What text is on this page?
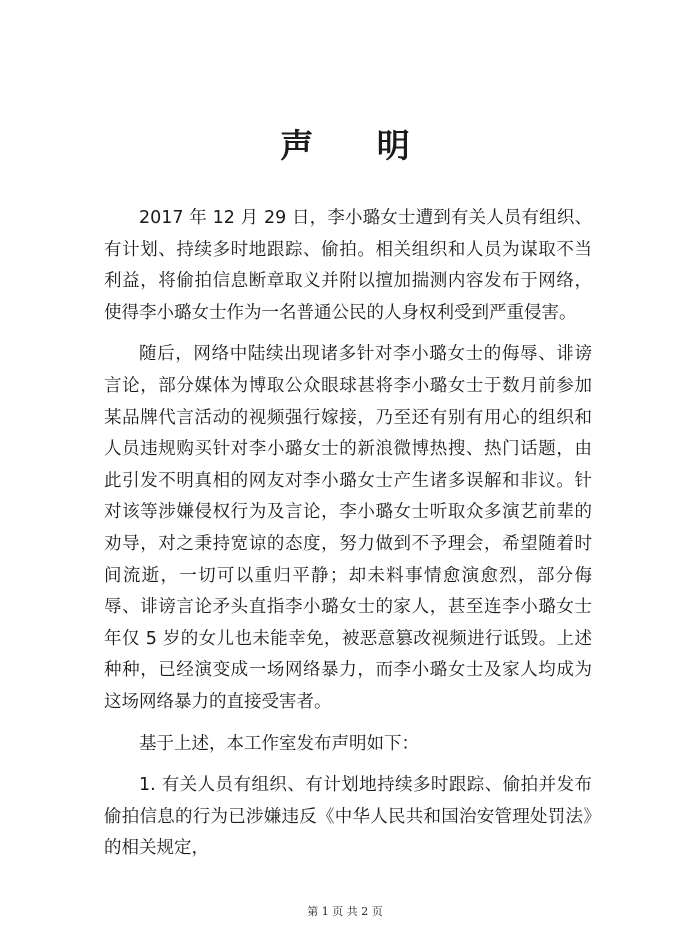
声 明

2017 年 12 月 29 日，李小璐女士遭到有关人员有组织、有计划、持续多时地跟踪、偷拍。相关组织和人员为谋取不当利益，将偷拍信息断章取义并附以擅加揣测内容发布于网络，使得李小璐女士作为一名普通公民的人身权利受到严重侵害。

随后，网络中陆续出现诸多针对李小璐女士的侮辱、诽谤言论，部分媒体为博取公众眼球甚将李小璐女士于数月前参加某品牌代言活动的视频强行嫁接，乃至还有别有用心的组织和人员违规购买针对李小璐女士的新浪微博热搜、热门话题，由此引发不明真相的网友对李小璐女士产生诸多误解和非议。针对该等涉嫌侵权行为及言论，李小璐女士听取众多演艺前辈的劝导，对之秉持宽谅的态度，努力做到不予理会，希望随着时间流逝，一切可以重归平静；却未料事情愈演愈烈，部分侮辱、诽谤言论矛头直指李小璐女士的家人，甚至连李小璐女士年仅 5 岁的女儿也未能幸免，被恶意篡改视频进行诋毁。上述种种，已经演变成一场网络暴力，而李小璐女士及家人均成为这场网络暴力的直接受害者。

基于上述，本工作室发布声明如下：

1. 有关人员有组织、有计划地持续多时跟踪、偷拍并发布偷拍信息的行为已涉嫌违反《中华人民共和国治安管理处罚法》的相关规定，

第 1 页 共 2 页
